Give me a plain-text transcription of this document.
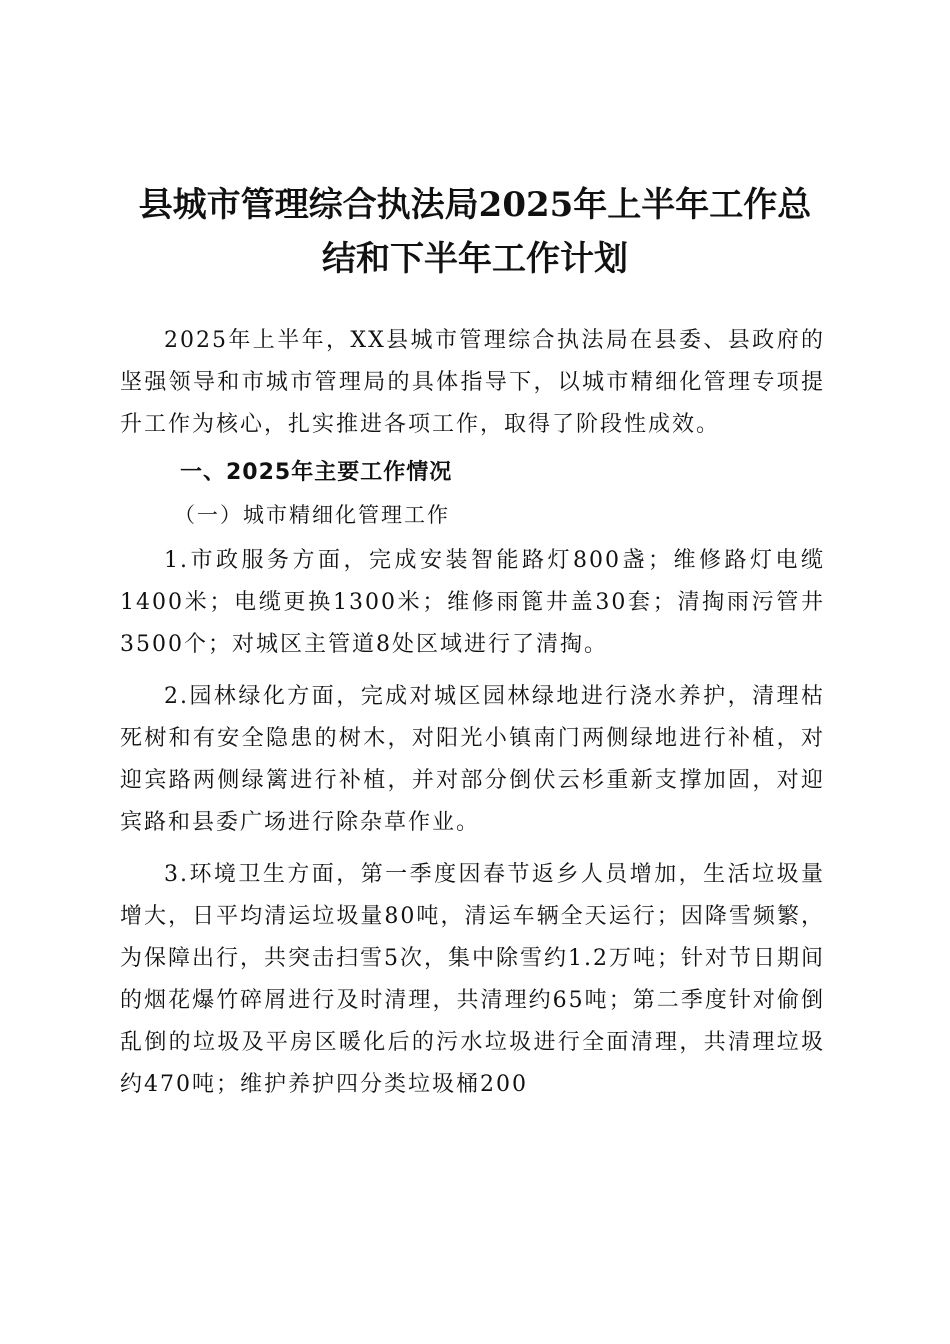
县城市管理综合执法局2025年上半年工作总
结和下半年工作计划

2025年上半年，XX县城市管理综合执法局在县委、县政府的坚强领导和市城市管理局的具体指导下，以城市精细化管理专项提升工作为核心，扎实推进各项工作，取得了阶段性成效。

一、2025年主要工作情况

（一）城市精细化管理工作

1.市政服务方面，完成安装智能路灯800盏；维修路灯电缆1400米；电缆更换1300米；维修雨篦井盖30套；清掏雨污管井3500个；对城区主管道8处区域进行了清掏。

2.园林绿化方面，完成对城区园林绿地进行浇水养护，清理枯死树和有安全隐患的树木，对阳光小镇南门两侧绿地进行补植，对迎宾路两侧绿篱进行补植，并对部分倒伏云杉重新支撑加固，对迎宾路和县委广场进行除杂草作业。

3.环境卫生方面，第一季度因春节返乡人员增加，生活垃圾量增大，日平均清运垃圾量80吨，清运车辆全天运行；因降雪频繁，为保障出行，共突击扫雪5次，集中除雪约1.2万吨；针对节日期间的烟花爆竹碎屑进行及时清理，共清理约65吨；第二季度针对偷倒乱倒的垃圾及平房区暖化后的污水垃圾进行全面清理，共清理垃圾约470吨；维护养护四分类垃圾桶200
